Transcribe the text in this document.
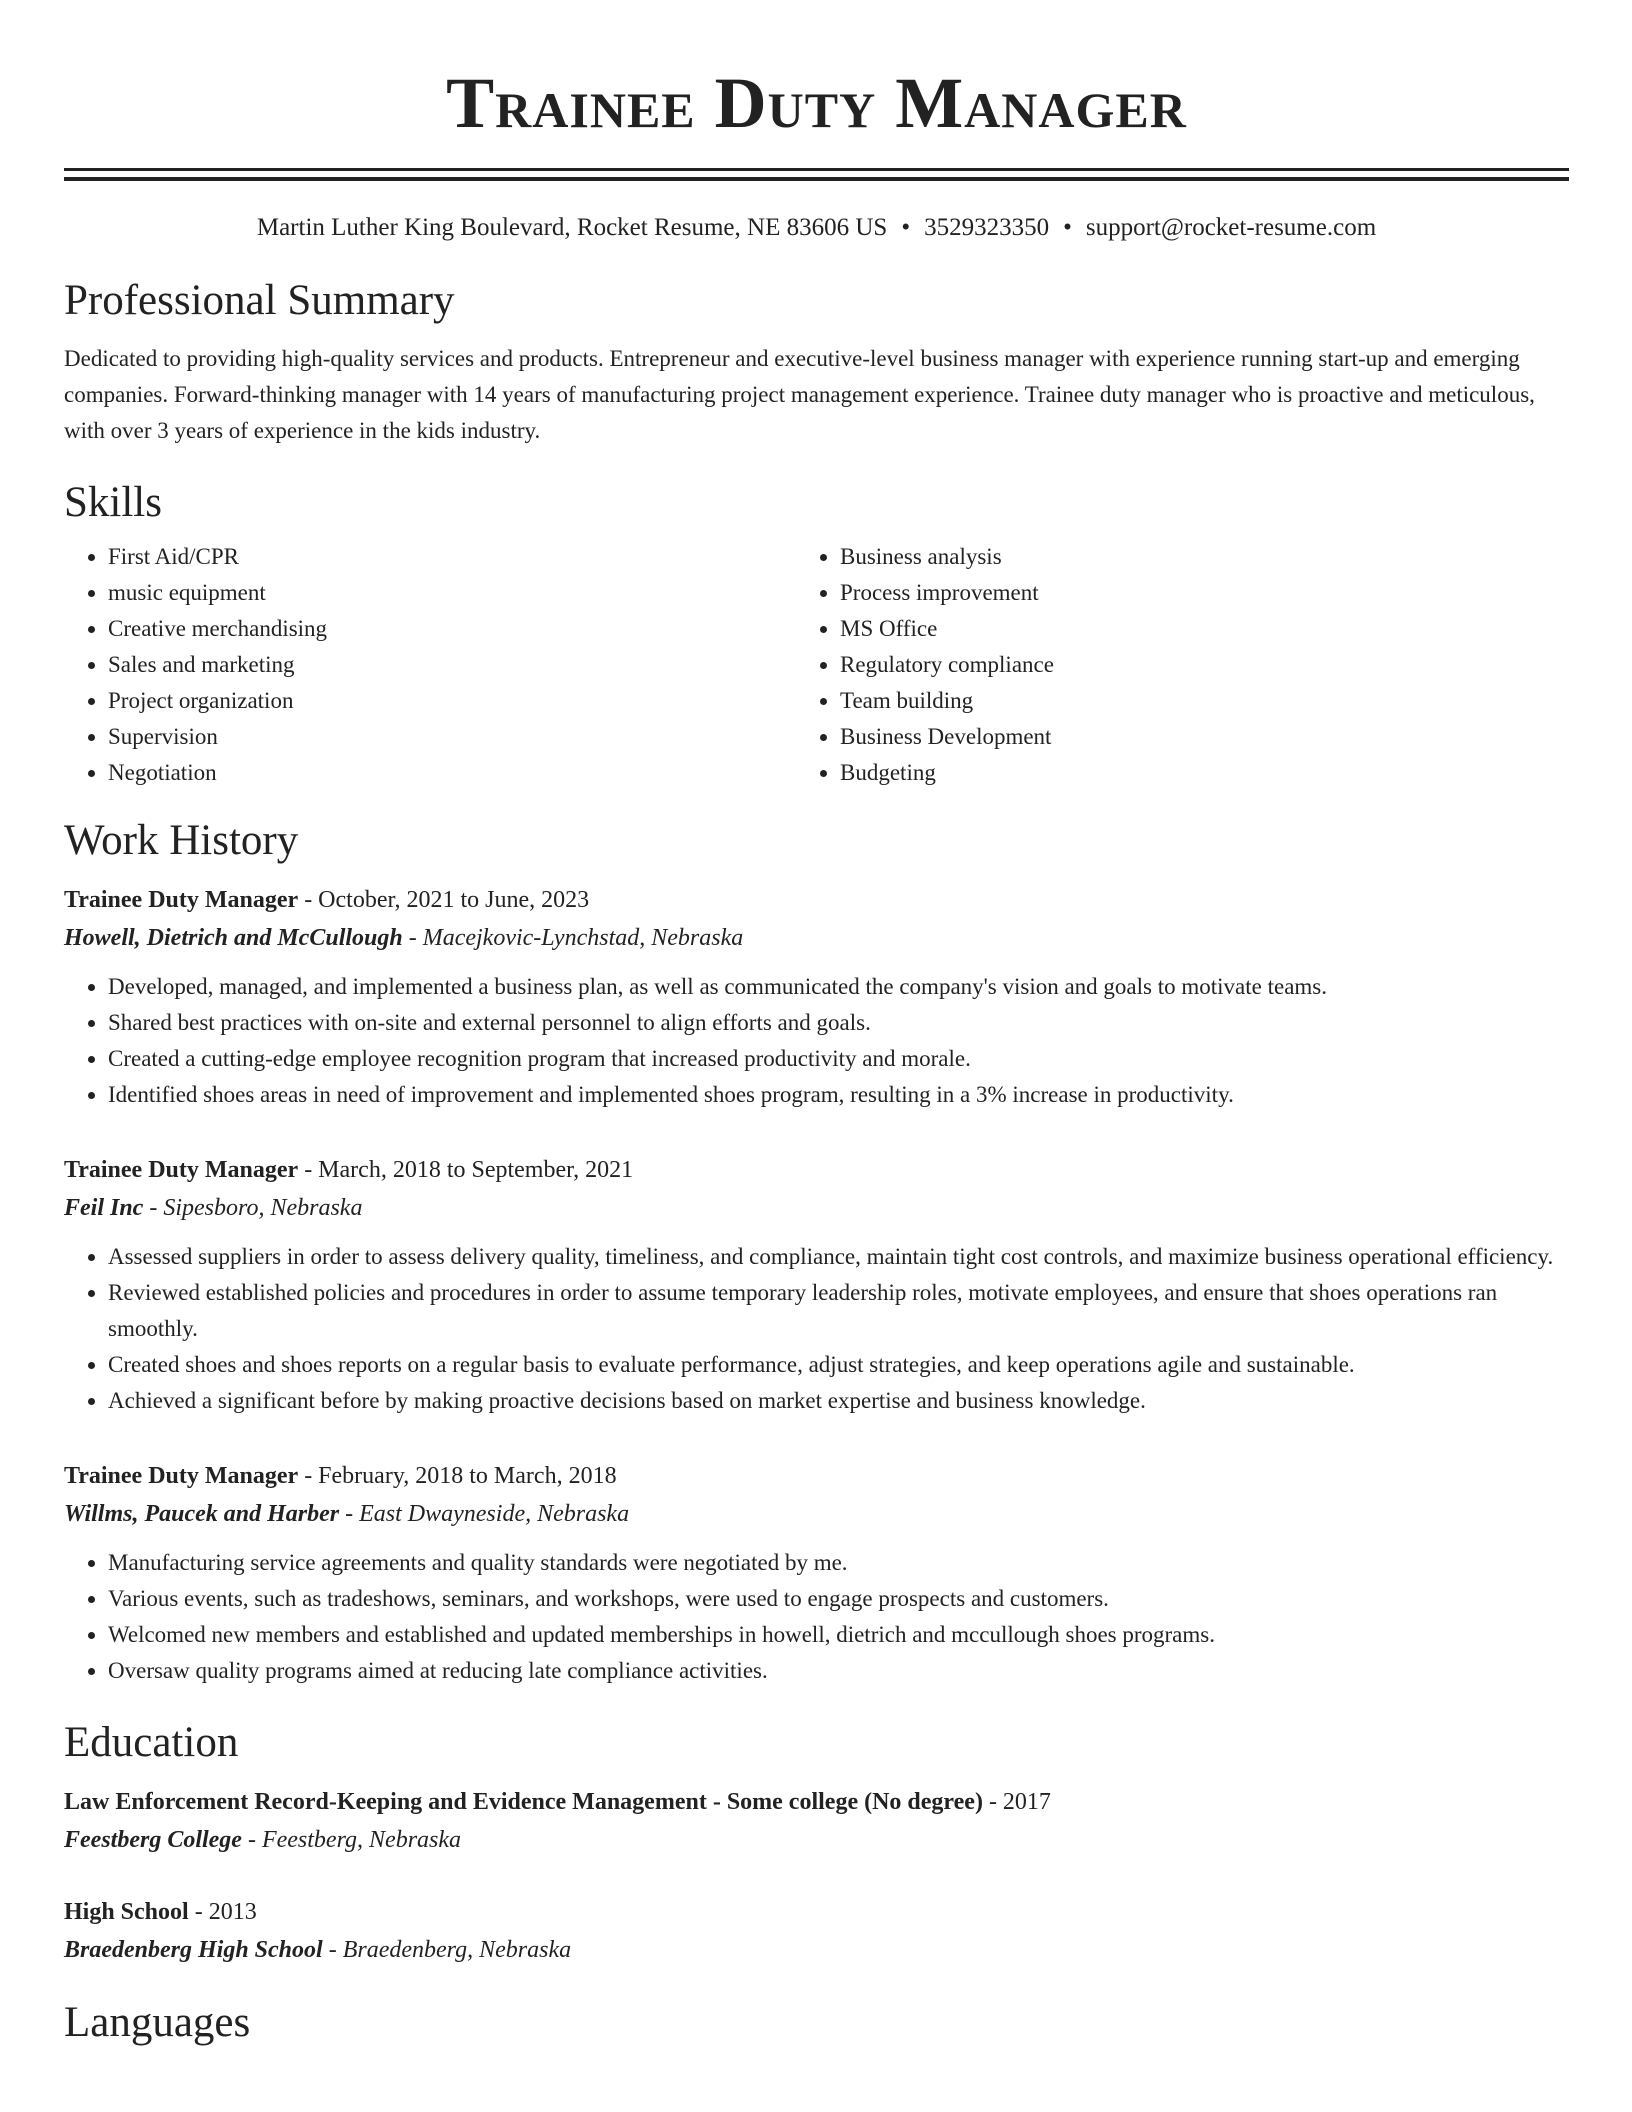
Trainee Duty Manager
Martin Luther King Boulevard, Rocket Resume, NE 83606 US • 3529323350 • support@rocket-resume.com
Professional Summary

Dedicated to providing high-quality services and products. Entrepreneur and executive-level business manager with experience running start-up and emerging companies. Forward-thinking manager with 14 years of manufacturing project management experience. Trainee duty manager who is proactive and meticulous, with over 3 years of experience in the kids industry.

Skills
• First Aid/CPR
• music equipment
• Creative merchandising
• Sales and marketing
• Project organization
• Supervision
• Negotiation
• Business analysis
• Process improvement
• MS Office
• Regulatory compliance
• Team building
• Business Development
• Budgeting
Work History
Trainee Duty Manager - October, 2021 to June, 2023
Howell, Dietrich and McCullough - Macejkovic-Lynchstad, Nebraska
• Developed, managed, and implemented a business plan, as well as communicated the company's vision and goals to motivate teams.
• Shared best practices with on-site and external personnel to align efforts and goals.
• Created a cutting-edge employee recognition program that increased productivity and morale.
• Identified shoes areas in need of improvement and implemented shoes program, resulting in a 3% increase in productivity.
Trainee Duty Manager - March, 2018 to September, 2021
Feil Inc - Sipesboro, Nebraska
• Assessed suppliers in order to assess delivery quality, timeliness, and compliance, maintain tight cost controls, and maximize business operational efficiency.
• Reviewed established policies and procedures in order to assume temporary leadership roles, motivate employees, and ensure that shoes operations ran smoothly.
• Created shoes and shoes reports on a regular basis to evaluate performance, adjust strategies, and keep operations agile and sustainable.
• Achieved a significant before by making proactive decisions based on market expertise and business knowledge.
Trainee Duty Manager - February, 2018 to March, 2018
Willms, Paucek and Harber - East Dwayneside, Nebraska
• Manufacturing service agreements and quality standards were negotiated by me.
• Various events, such as tradeshows, seminars, and workshops, were used to engage prospects and customers.
• Welcomed new members and established and updated memberships in howell, dietrich and mccullough shoes programs.
• Oversaw quality programs aimed at reducing late compliance activities.
Education
Law Enforcement Record-Keeping and Evidence Management - Some college (No degree) - 2017
Feestberg College - Feestberg, Nebraska
High School - 2013
Braedenberg High School - Braedenberg, Nebraska
Languages
